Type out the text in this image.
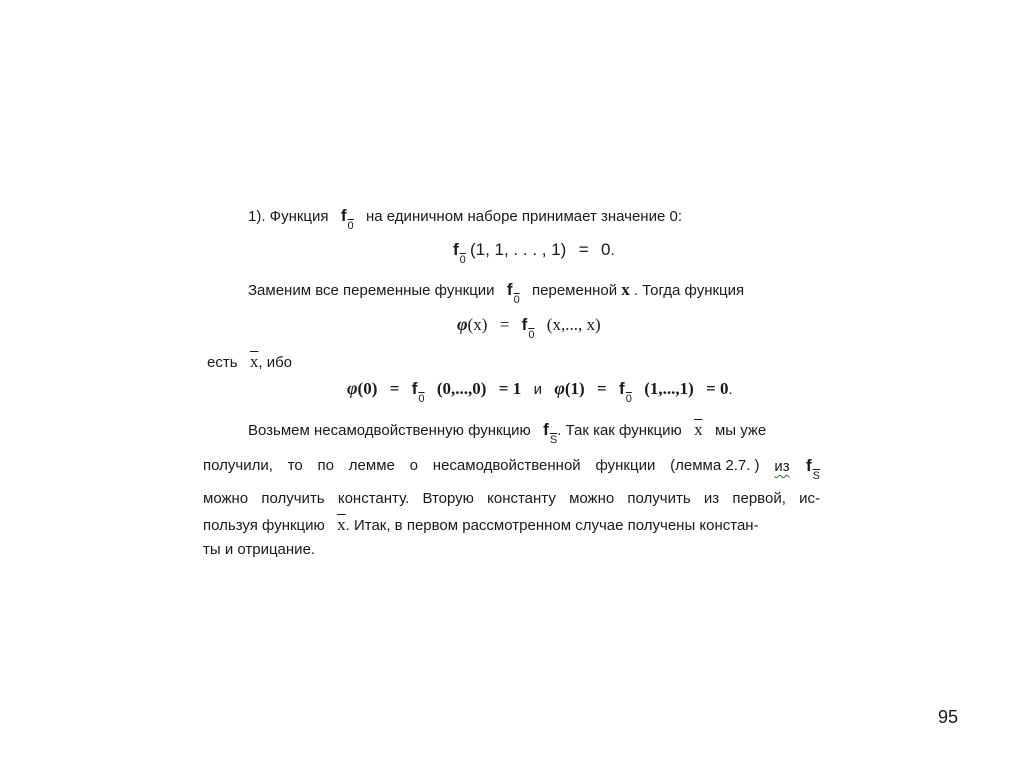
1). Функция f0  на единичном наборе принимает значение 0:
f0 (1, 1, . . . , 1) = 0.
Заменим все переменные функции f0  переменной x . Тогда функция
φ(x) = f0  (x,..., x)
есть $\overline{x}$, ибо
φ(0) = f0  (0,...,0) = 1 и φ(1) = f0  (1,...,1) = 0.
Возьмем несамодвойственную функцию $f\overline{S}$. Так как функцию $\overline{x}$ мы уже
получили, то по лемме о несамодвойственной функции (лемма 2.7. ) из $f\overline{S}$
можно получить константу. Вторую константу можно получить из первой, ис-
пользуя функцию $\overline{x}$. Итак, в первом рассмотренном случае получены констан-
ты и отрицание.
95
